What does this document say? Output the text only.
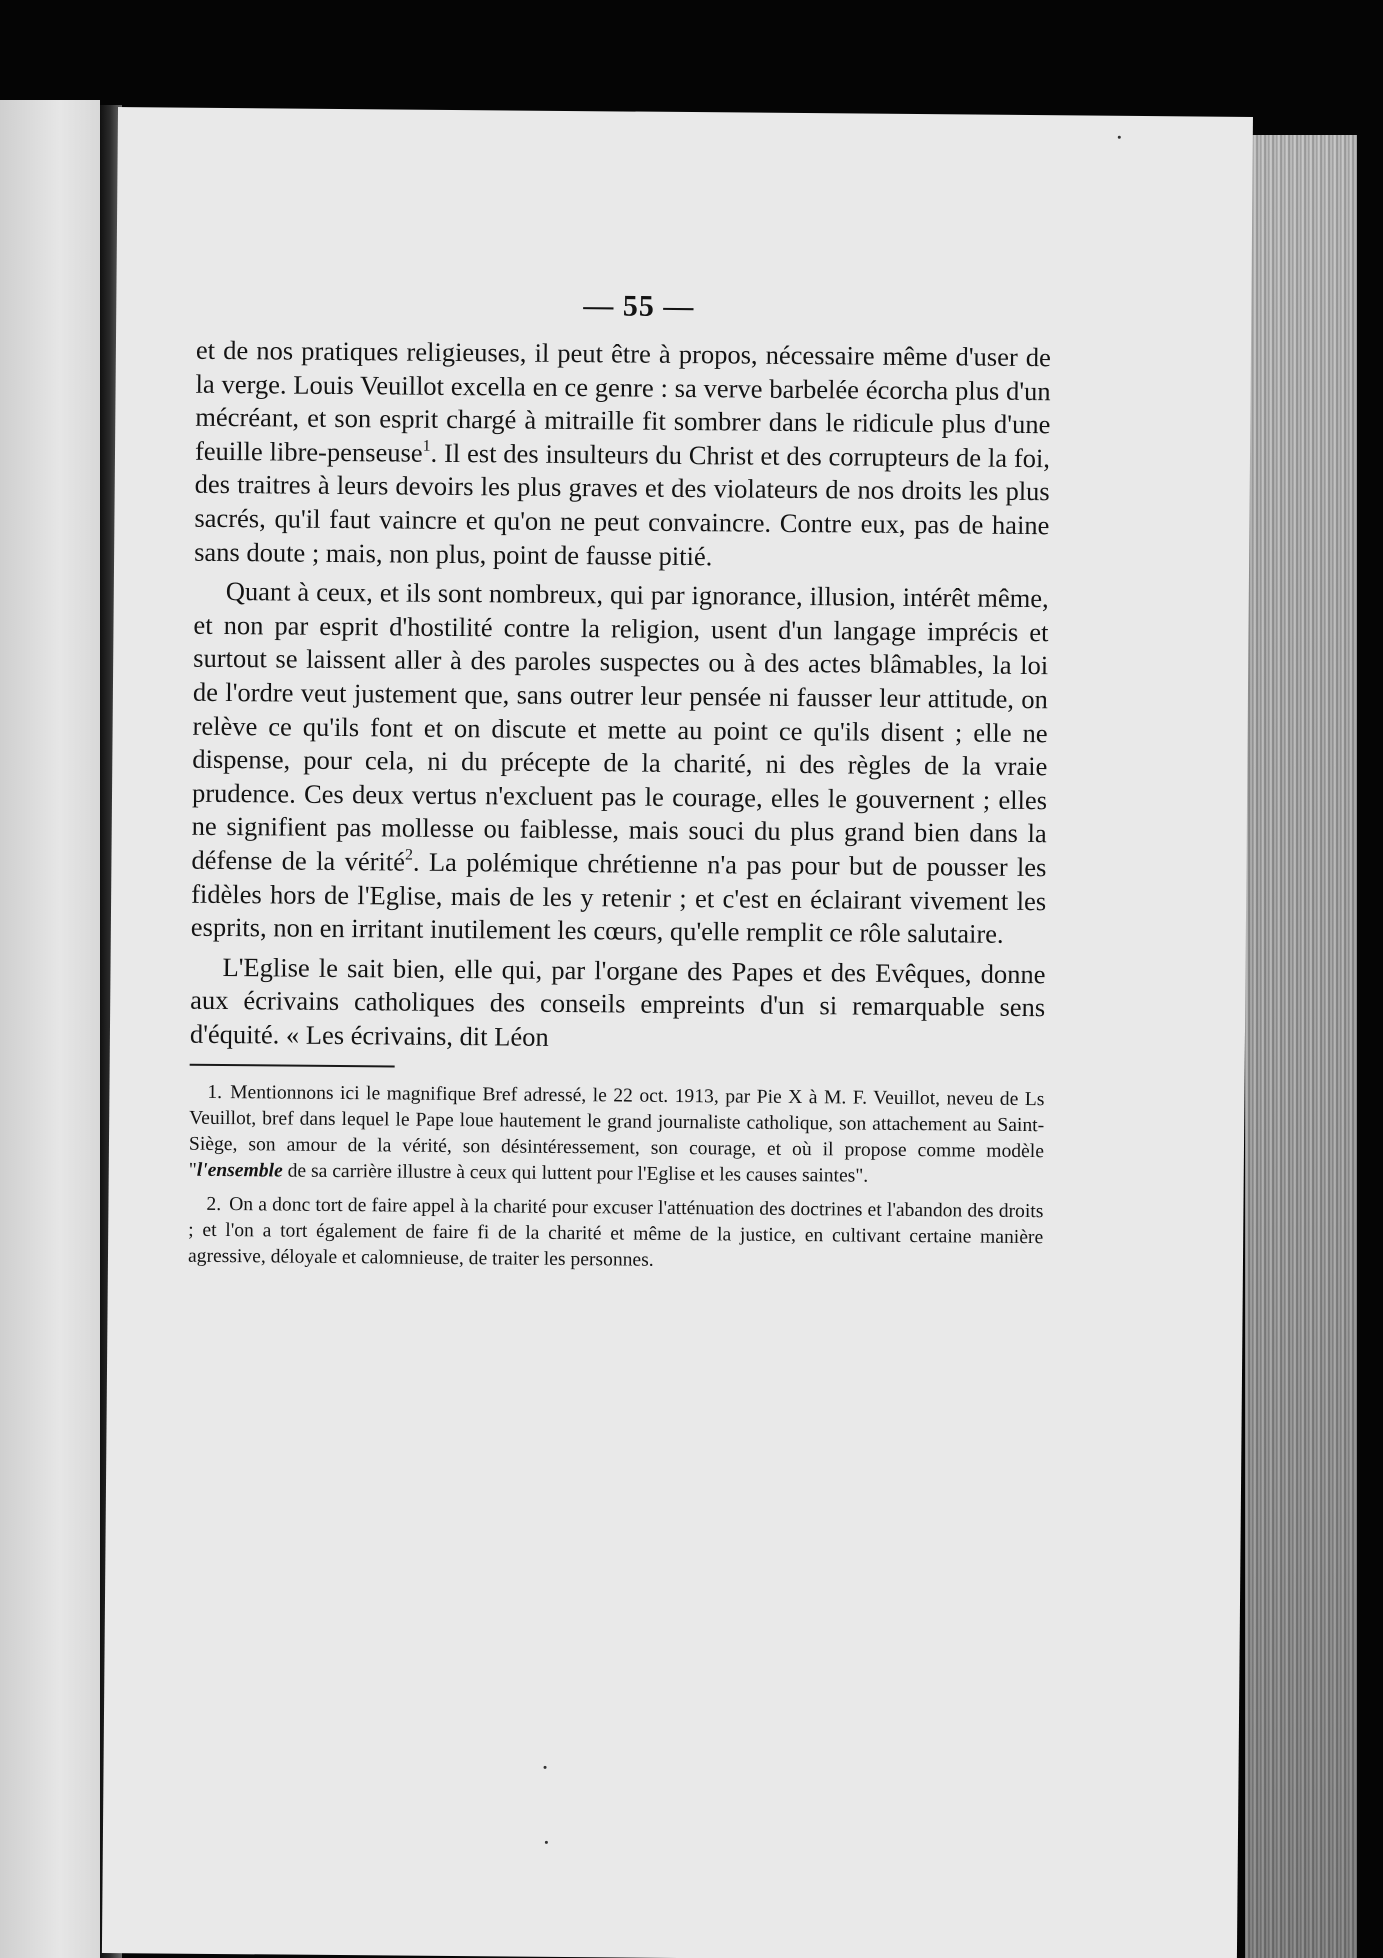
— 55 —

et de nos pratiques religieuses, il peut être à propos, nécessaire même d'user de la verge. Louis Veuillot excella en ce genre : sa verve barbelée écorcha plus d'un mécréant, et son esprit chargé à mitraille fit sombrer dans le ridicule plus d'une feuille libre-penseuse$^1$. Il est des insulteurs du Christ et des corrupteurs de la foi, des traitres à leurs devoirs les plus graves et des violateurs de nos droits les plus sacrés, qu'il faut vaincre et qu'on ne peut convaincre. Contre eux, pas de haine sans doute ; mais, non plus, point de fausse pitié.

Quant à ceux, et ils sont nombreux, qui par ignorance, illusion, intérêt même, et non par esprit d'hostilité contre la religion, usent d'un langage imprécis et surtout se laissent aller à des paroles suspectes ou à des actes blâmables, la loi de l'ordre veut justement que, sans outrer leur pensée ni fausser leur attitude, on relève ce qu'ils font et on discute et mette au point ce qu'ils disent ; elle ne dispense, pour cela, ni du précepte de la charité, ni des règles de la vraie prudence. Ces deux vertus n'excluent pas le courage, elles le gouvernent ; elles ne signifient pas mollesse ou faiblesse, mais souci du plus grand bien dans la défense de la vérité$^2$. La polémique chrétienne n'a pas pour but de pousser les fidèles hors de l'Eglise, mais de les y retenir ; et c'est en éclairant vivement les esprits, non en irritant inutilement les cœurs, qu'elle remplit ce rôle salutaire.

L'Eglise le sait bien, elle qui, par l'organe des Papes et des Evêques, donne aux écrivains catholiques des conseils empreints d'un si remarquable sens d'équité. « Les écrivains, dit Léon

1. Mentionnons ici le magnifique Bref adressé, le 22 oct. 1913, par Pie X à M. F. Veuillot, neveu de Ls Veuillot, bref dans lequel le Pape loue hautement le grand journaliste catholique, son attachement au Saint-Siège, son amour de la vérité, son désintéressement, son courage, et où il propose comme modèle "l'ensemble de sa carrière illustre à ceux qui luttent pour l'Eglise et les causes saintes".

2. On a donc tort de faire appel à la charité pour excuser l'atténuation des doctrines et l'abandon des droits ; et l'on a tort également de faire fi de la charité et même de la justice, en cultivant certaine manière agressive, déloyale et calomnieuse, de traiter les personnes.
